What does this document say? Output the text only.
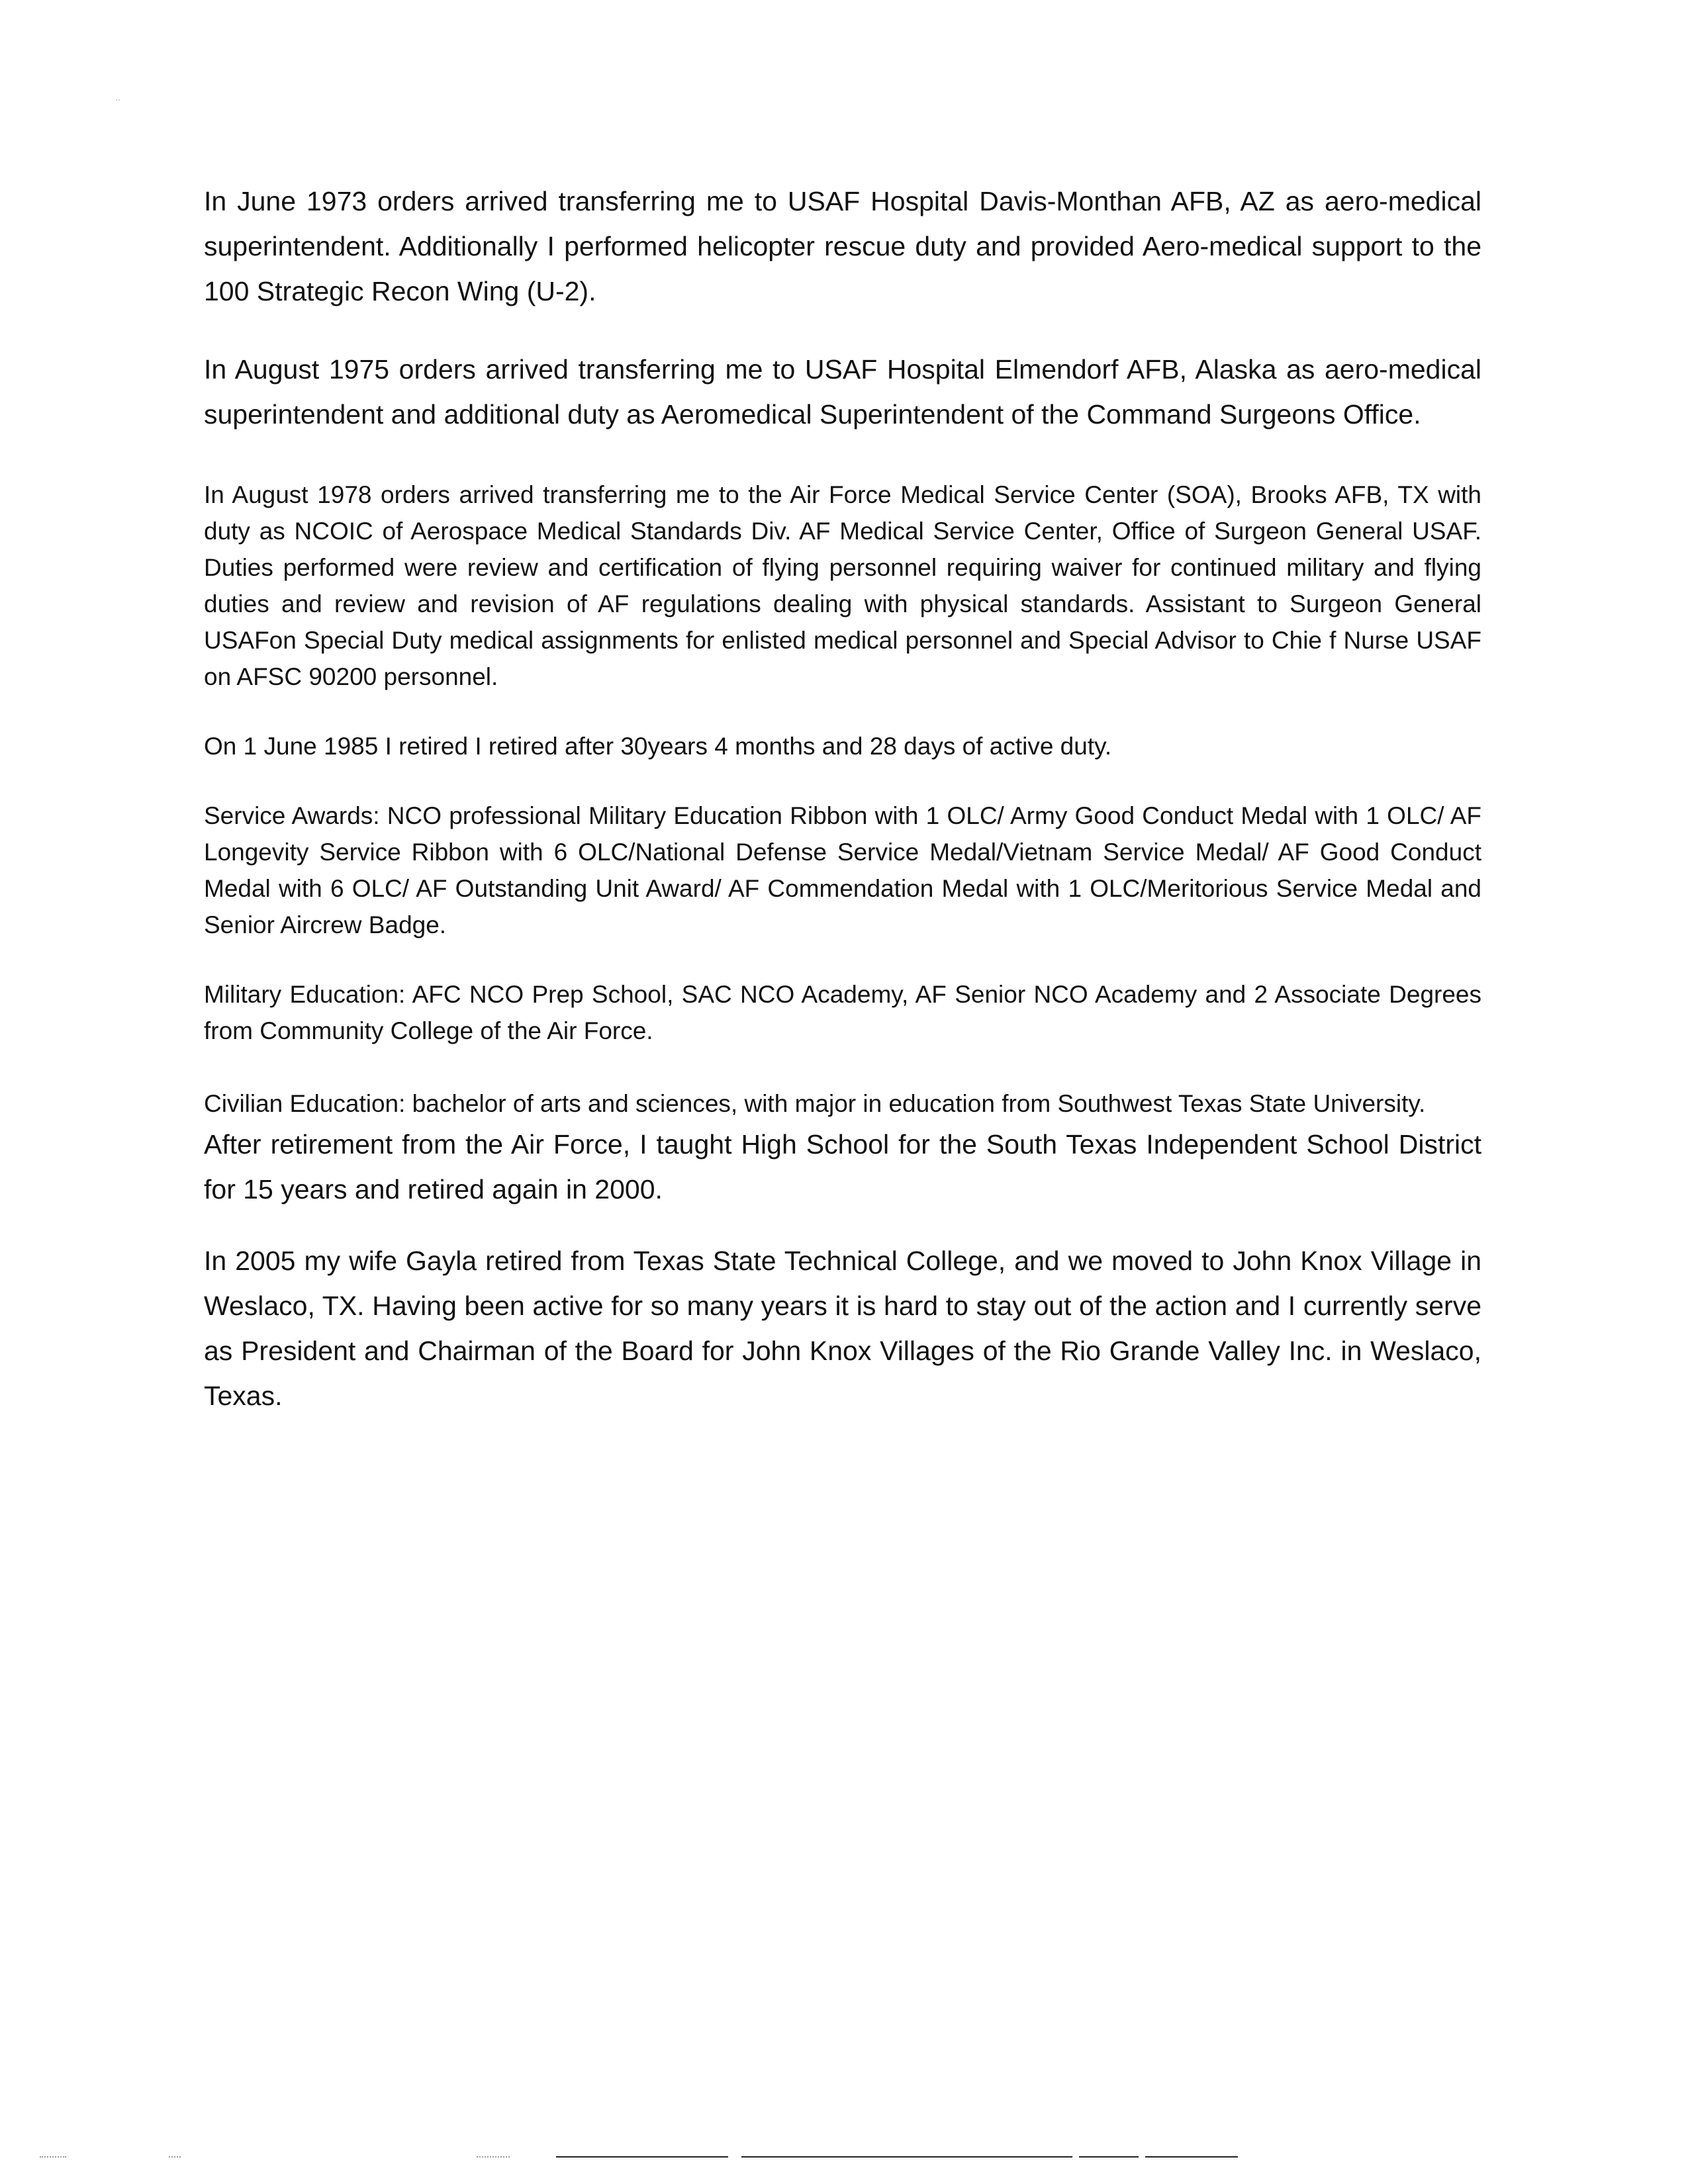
In June 1973 orders arrived transferring me to USAF Hospital Davis-Monthan AFB, AZ as aero-medical superintendent. Additionally I performed helicopter rescue duty and provided Aero-medical support to the 100 Strategic Recon Wing (U-2).

In August 1975 orders arrived transferring me to USAF Hospital Elmendorf AFB, Alaska as aero-medical superintendent and additional duty as Aeromedical Superintendent of the Command Surgeons Office.

In August 1978 orders arrived transferring me to the Air Force Medical Service Center (SOA), Brooks AFB, TX with duty as NCOIC of Aerospace Medical Standards Div. AF Medical Service Center, Office of Surgeon General USAF. Duties performed were review and certification of flying personnel requiring waiver for continued military and flying duties and review and revision of AF regulations dealing with physical standards. Assistant to Surgeon General USAFon Special Duty medical assignments for enlisted medical personnel and Special Advisor to Chie f Nurse USAF on AFSC 90200 personnel.

On 1 June 1985 I retired I retired after 30years 4 months and 28 days of active duty.

Service Awards: NCO professional Military Education Ribbon with 1 OLC/ Army Good Conduct Medal with 1 OLC/ AF Longevity Service Ribbon with 6 OLC/National Defense Service Medal/Vietnam Service Medal/ AF Good Conduct Medal with 6 OLC/ AF Outstanding Unit Award/ AF Commendation Medal with 1 OLC/Meritorious Service Medal and Senior Aircrew Badge.

Military Education: AFC NCO Prep School, SAC NCO Academy, AF Senior NCO Academy and 2 Associate Degrees from Community College of the Air Force.

Civilian Education: bachelor of arts and sciences, with major in education from Southwest Texas State University.

After retirement from the Air Force, I taught High School for the South Texas Independent School District for 15 years and retired again in 2000.

In 2005 my wife Gayla retired from Texas State Technical College, and we moved to John Knox Village in Weslaco, TX. Having been active for so many years it is hard to stay out of the action and I currently serve as President and Chairman of the Board for John Knox Villages of the Rio Grande Valley Inc. in Weslaco, Texas.
